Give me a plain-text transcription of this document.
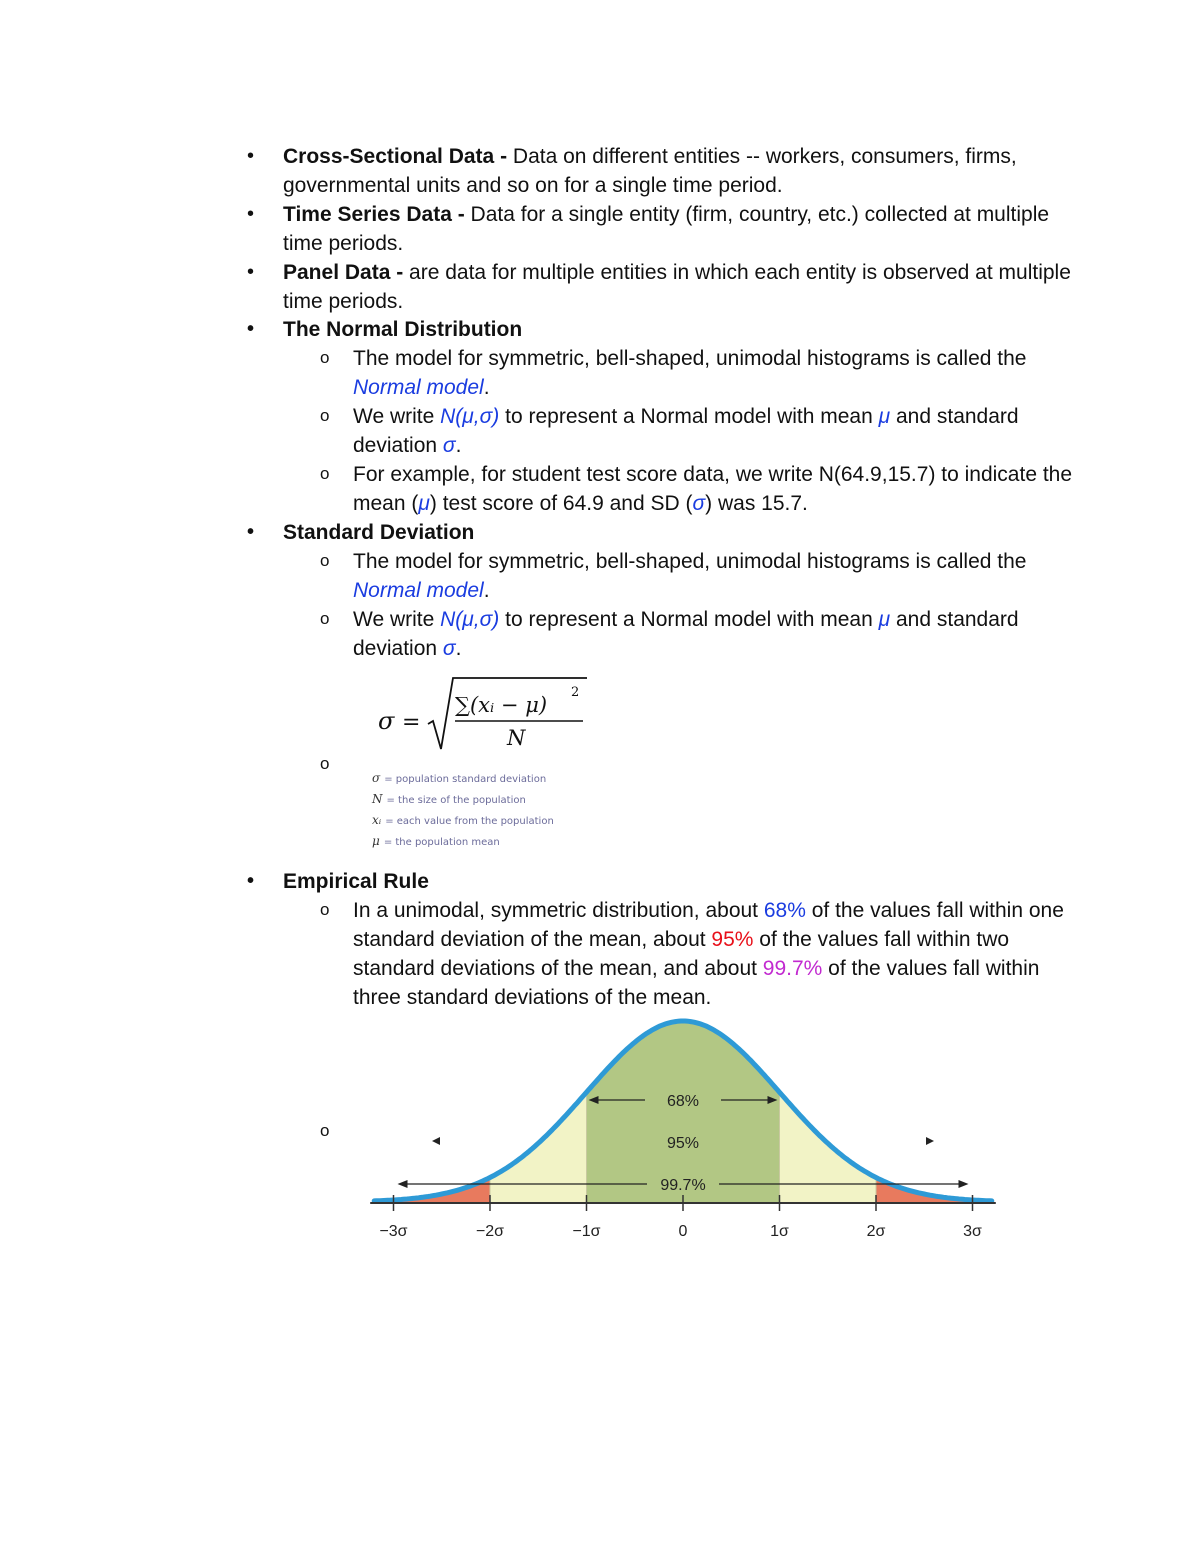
• Cross-Sectional Data - Data on different entities -- workers, consumers, firms, governmental units and so on for a single time period.
• Time Series Data - Data for a single entity (firm, country, etc.) collected at multiple time periods.
• Panel Data - are data for multiple entities in which each entity is observed at multiple time periods.
• The Normal Distribution
o The model for symmetric, bell-shaped, unimodal histograms is called the Normal model.
o We write N(μ,σ) to represent a Normal model with mean μ and standard deviation σ.
o For example, for student test score data, we write N(64.9,15.7) to indicate the mean (μ) test score of 64.9 and SD (σ) was 15.7.
• Standard Deviation
o The model for symmetric, bell-shaped, unimodal histograms is called the Normal model.
o We write N(μ,σ) to represent a Normal model with mean μ and standard deviation σ.
σ =
∑(xᵢ − μ)
2
N
σ = population standard deviation
N = the size of the population
xᵢ = each value from the population
μ = the population mean
• Empirical Rule
o In a unimodal, symmetric distribution, about 68% of the values fall within one standard deviation of the mean, about 95% of the values fall within two standard deviations of the mean, and about 99.7% of the values fall within three standard deviations of the mean.
−3σ	−2σ	−1σ	0	1σ	2σ	3σ
68%
99.7%
95%
